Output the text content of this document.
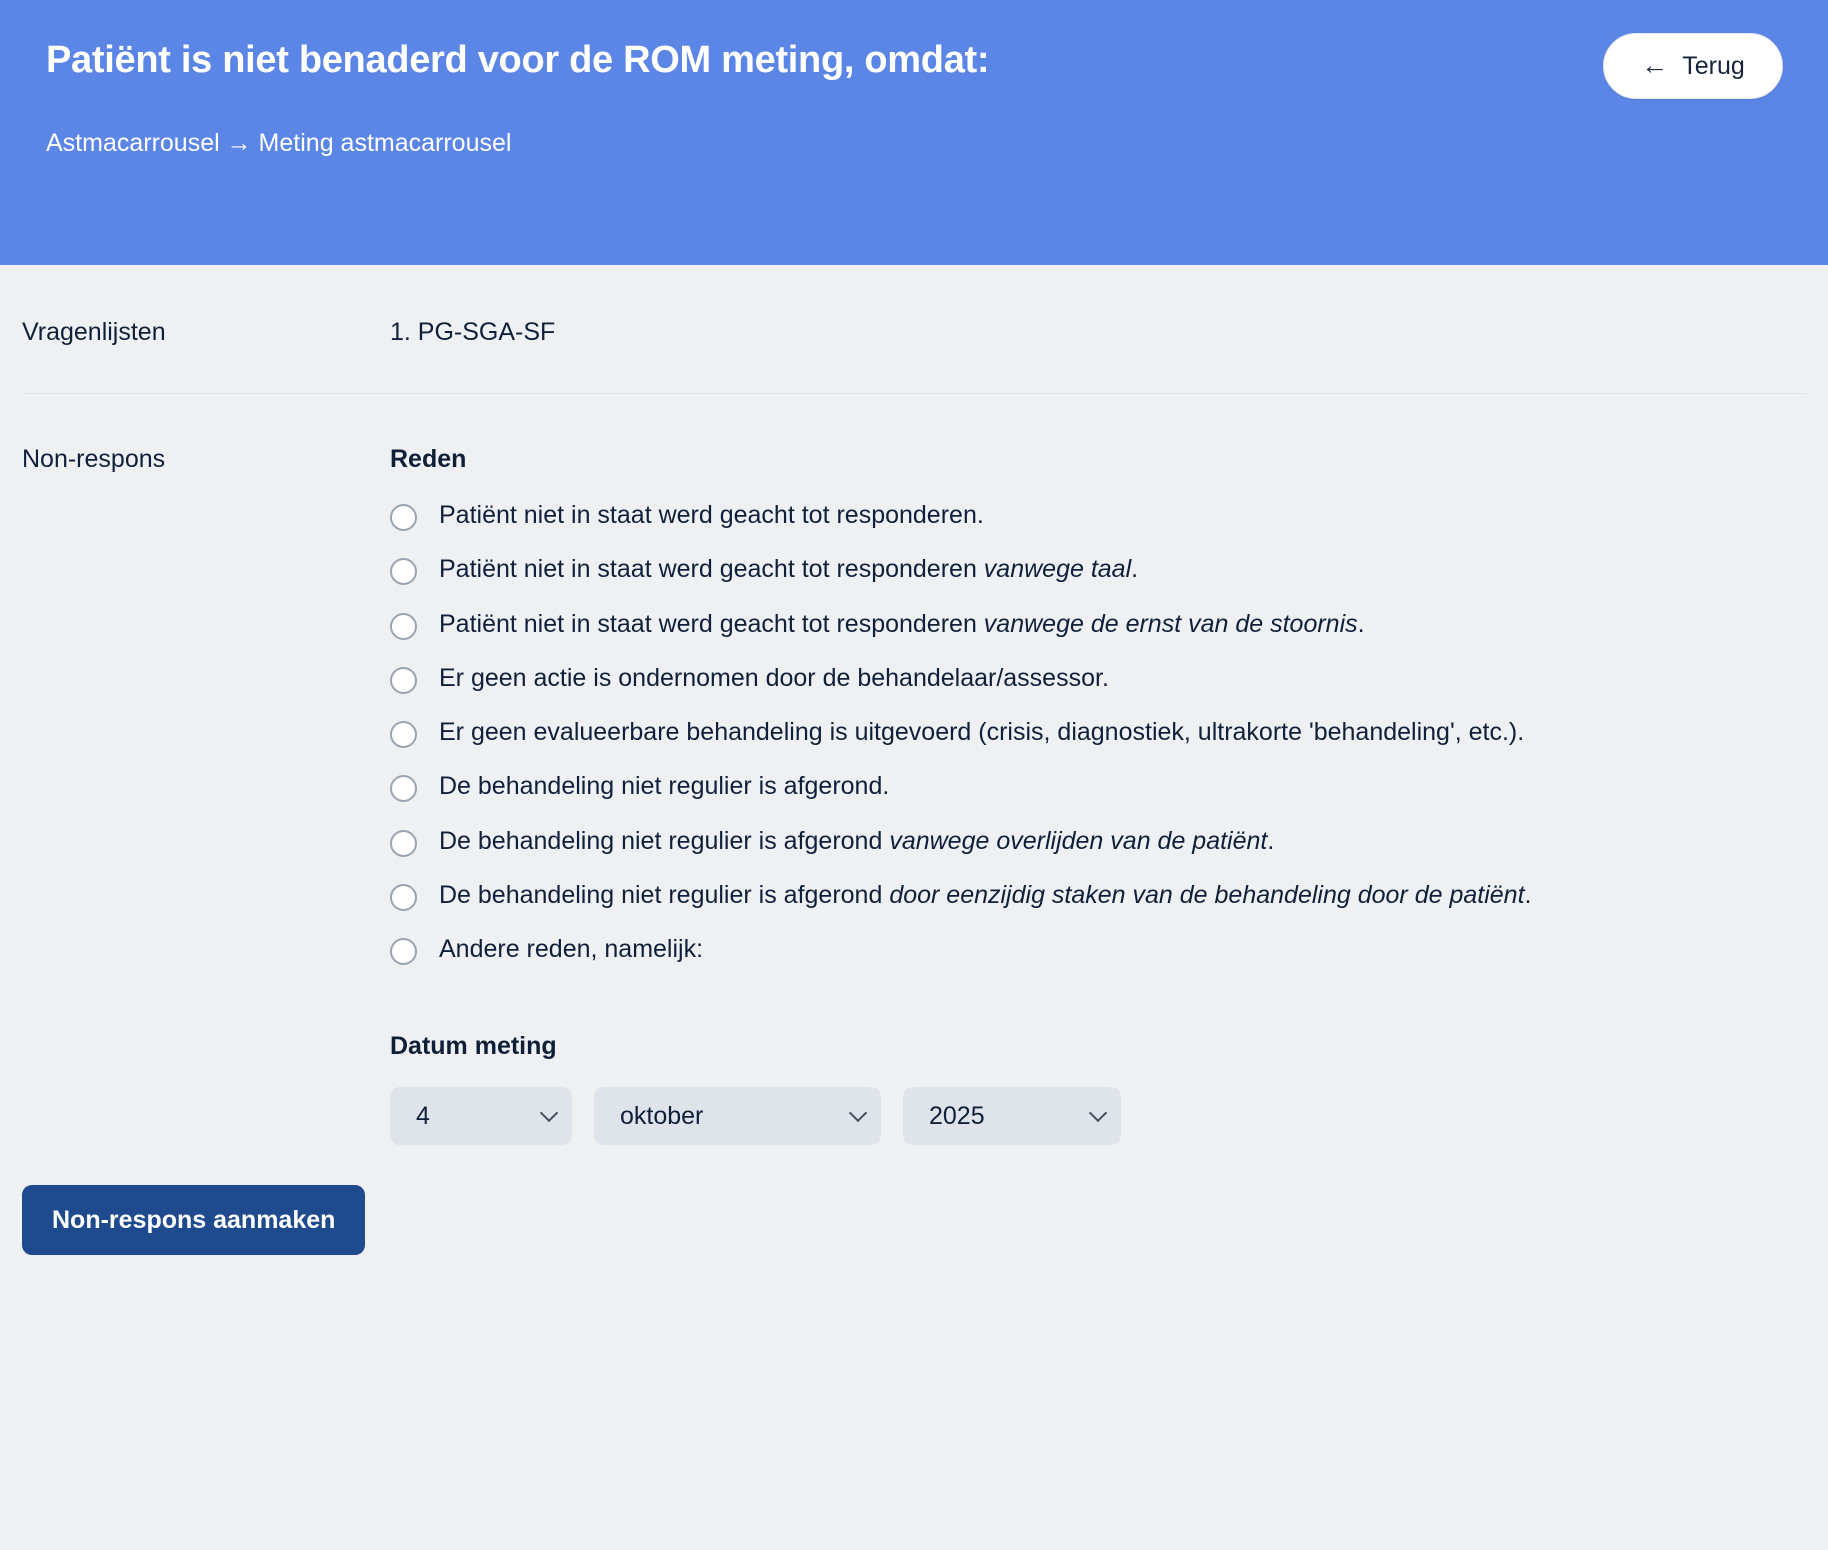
Patiënt is niet benaderd voor de ROM meting, omdat:
Astmacarrousel → Meting astmacarrousel
← Terug
Vragenlijsten	1. PG-SGA-SF
Non-respons	Reden
Patiënt niet in staat werd geacht tot responderen.
Patiënt niet in staat werd geacht tot responderen vanwege taal.
Patiënt niet in staat werd geacht tot responderen vanwege de ernst van de stoornis.
Er geen actie is ondernomen door de behandelaar/assessor.
Er geen evalueerbare behandeling is uitgevoerd (crisis, diagnostiek, ultrakorte 'behandeling', etc.).
De behandeling niet regulier is afgerond.
De behandeling niet regulier is afgerond vanwege overlijden van de patiënt.
De behandeling niet regulier is afgerond door eenzijdig staken van de behandeling door de patiënt.
Andere reden, namelijk:
Datum meting
4	oktober	2025
Non-respons aanmaken
